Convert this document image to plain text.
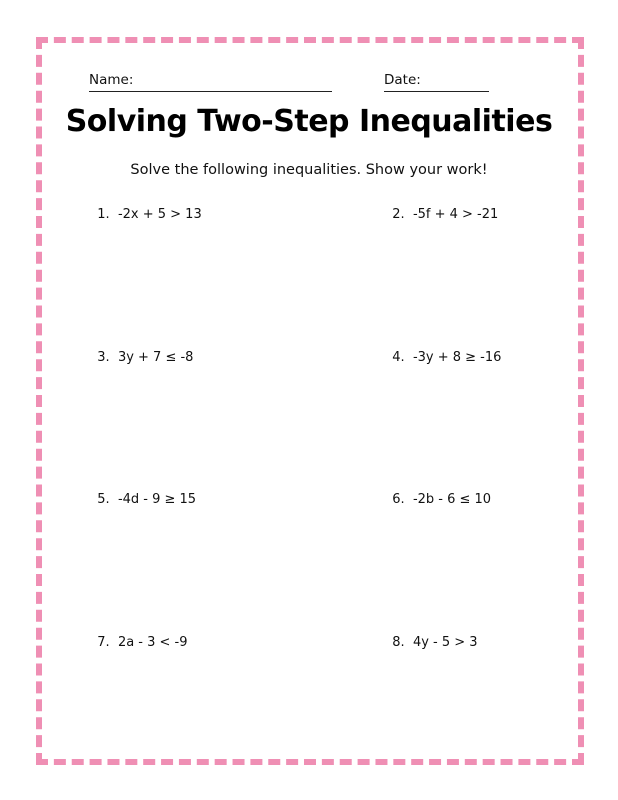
Name:	Date:
Solving Two-Step Inequalities
Solve the following inequalities. Show your work!

1. -2x + 5 > 13	2. -5f + 4 > -21

3. 3y + 7 ≤ -8	4. -3y + 8 ≥ -16

5. -4d - 9 ≥ 15	6. -2b - 6 ≤ 10

7. 2a - 3 < -9	8. 4y - 5 > 3
